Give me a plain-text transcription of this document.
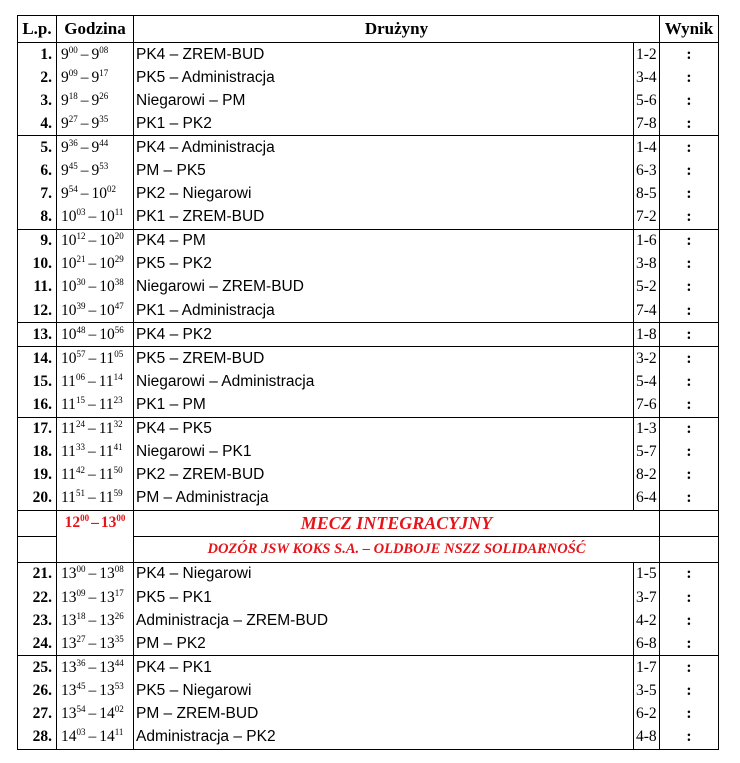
L.p.	Godzina	Drużyny		Wynik
1.	$9^{00} - 9^{08}$	PK4 – ZREM-BUD	1-2	:
2.	$9^{09} - 9^{17}$	PK5 – Administracja	3-4	:
3.	$9^{18} - 9^{26}$	Niegarowi – PM	5-6	:
4.	$9^{27} - 9^{35}$	PK1 – PK2	7-8	:
5.	$9^{36} - 9^{44}$	PK4 – Administracja	1-4	:
6.	$9^{45} - 9^{53}$	PM – PK5	6-3	:
7.	$9^{54} - 10^{02}$	PK2 – Niegarowi	8-5	:
8.	$10^{03} - 10^{11}$	PK1 – ZREM-BUD	7-2	:
9.	$10^{12} - 10^{20}$	PK4 – PM	1-6	:
10.	$10^{21} - 10^{29}$	PK5 – PK2	3-8	:
11.	$10^{30} - 10^{38}$	Niegarowi – ZREM-BUD	5-2	:
12.	$10^{39} - 10^{47}$	PK1 – Administracja	7-4	:
13.	$10^{48} - 10^{56}$	PK4 – PK2	1-8	:
14.	$10^{57} - 11^{05}$	PK5 – ZREM-BUD	3-2	:
15.	$11^{06} - 11^{14}$	Niegarowi – Administracja	5-4	:
16.	$11^{15} - 11^{23}$	PK1 – PM	7-6	:
17.	$11^{24} - 11^{32}$	PK4 – PK5	1-3	:
18.	$11^{33} - 11^{41}$	Niegarowi – PK1	5-7	:
19.	$11^{42} - 11^{50}$	PK2 – ZREM-BUD	8-2	:
20.	$11^{51} - 11^{59}$	PM – Administracja	6-4	:
	$12^{00} - 13^{00}$	MECZ INTEGRACYJNY		
		DOZÓR JSW KOKS S.A. – OLDBOJE NSZZ SOLIDARNOŚĆ		
21.	$13^{00} - 13^{08}$	PK4 – Niegarowi	1-5	:
22.	$13^{09} - 13^{17}$	PK5 – PK1	3-7	:
23.	$13^{18} - 13^{26}$	Administracja – ZREM-BUD	4-2	:
24.	$13^{27} - 13^{35}$	PM – PK2	6-8	:
25.	$13^{36} - 13^{44}$	PK4 – PK1	1-7	:
26.	$13^{45} - 13^{53}$	PK5 – Niegarowi	3-5	:
27.	$13^{54} - 14^{02}$	PM – ZREM-BUD	6-2	:
28.	$14^{03} - 14^{11}$	Administracja – PK2	4-8	:
